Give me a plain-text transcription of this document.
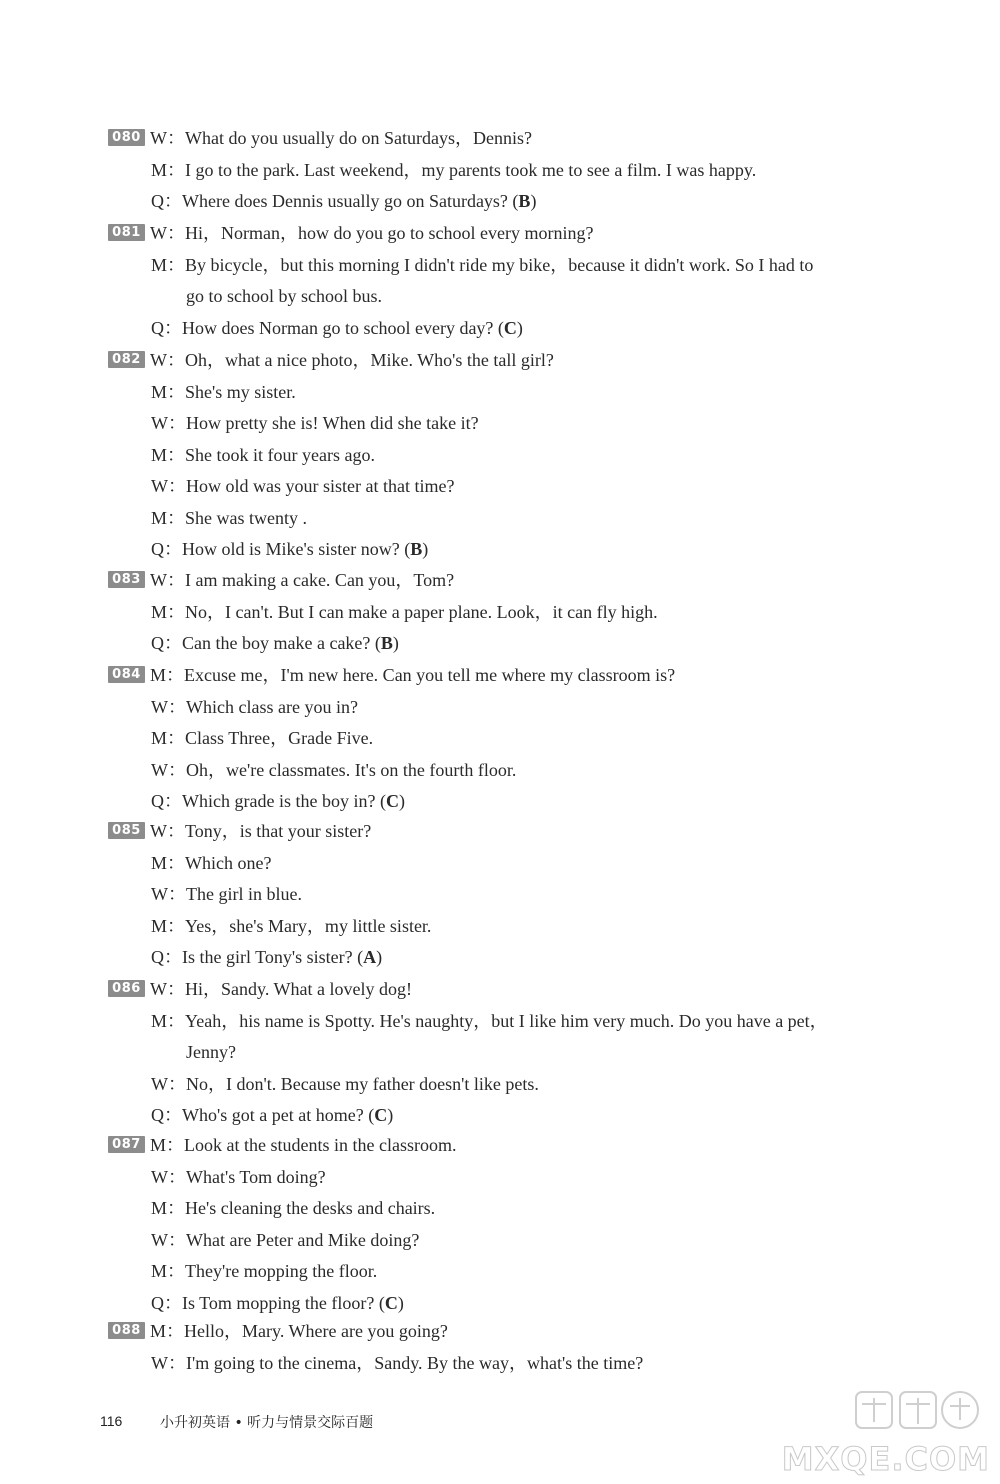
080 W：What do you usually do on Saturdays，Dennis?
M：I go to the park. Last weekend，my parents took me to see a film. I was happy.
Q：Where does Dennis usually go on Saturdays? (B)
081 W：Hi，Norman，how do you go to school every morning?
M：By bicycle，but this morning I didn't ride my bike，because it didn't work. So I had to
go to school by school bus.
Q：How does Norman go to school every day? (C)
082 W：Oh，what a nice photo，Mike. Who's the tall girl?
M：She's my sister.
W：How pretty she is! When did she take it?
M：She took it four years ago.
W：How old was your sister at that time?
M：She was twenty .
Q：How old is Mike's sister now? (B)
083 W：I am making a cake. Can you，Tom?
M：No，I can't. But I can make a paper plane. Look，it can fly high.
Q：Can the boy make a cake? (B)
084 M：Excuse me，I'm new here. Can you tell me where my classroom is?
W：Which class are you in?
M：Class Three，Grade Five.
W：Oh，we're classmates. It's on the fourth floor.
Q：Which grade is the boy in? (C)
085 W：Tony，is that your sister?
M：Which one?
W：The girl in blue.
M：Yes，she's Mary，my little sister.
Q：Is the girl Tony's sister? (A)
086 W：Hi，Sandy. What a lovely dog!
M：Yeah，his name is Spotty. He's naughty，but I like him very much. Do you have a pet，
Jenny?
W：No，I don't. Because my father doesn't like pets.
Q：Who's got a pet at home? (C)
087 M：Look at the students in the classroom.
W：What's Tom doing?
M：He's cleaning the desks and chairs.
W：What are Peter and Mike doing?
M：They're mopping the floor.
Q：Is Tom mopping the floor? (C)
088 M：Hello，Mary. Where are you going?
W：I'm going to the cinema，Sandy. By the way，what's the time?
116	小升初英语 • 听力与情景交际百题
MXQE.COM
